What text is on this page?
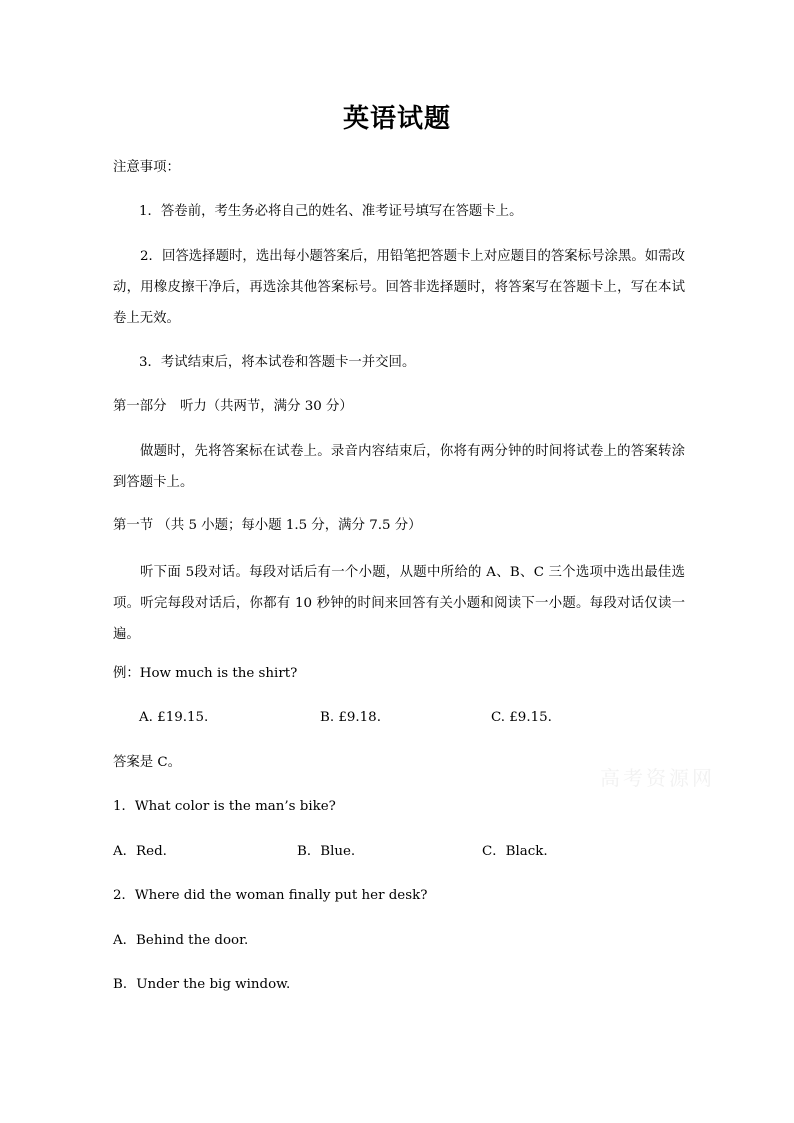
英语试题
注意事项：
1．答卷前，考生务必将自己的姓名、准考证号填写在答题卡上。
2．回答选择题时，选出每小题答案后，用铅笔把答题卡上对应题目的答案标号涂黑。如需改动，用橡皮擦干净后，再选涂其他答案标号。回答非选择题时，将答案写在答题卡上，写在本试卷上无效。
3．考试结束后，将本试卷和答题卡一并交回。
第一部分　听力（共两节，满分 30 分）
做题时，先将答案标在试卷上。录音内容结束后，你将有两分钟的时间将试卷上的答案转涂到答题卡上。
第一节 （共 5 小题；每小题 1.5 分，满分 7.5 分）
听下面 5段对话。每段对话后有一个小题，从题中所给的 A、B、C 三个选项中选出最佳选项。听完每段对话后，你都有 10 秒钟的时间来回答有关小题和阅读下一小题。每段对话仅读一遍。
例：How much is the shirt?
A. £19.15.	B. £9.18.	C. £9.15.
答案是 C。
高考资源网
1．What color is the man’s bike?
A．Red.	B．Blue.	C．Black.
2．Where did the woman finally put her desk?
A．Behind the door.
B．Under the big window.
